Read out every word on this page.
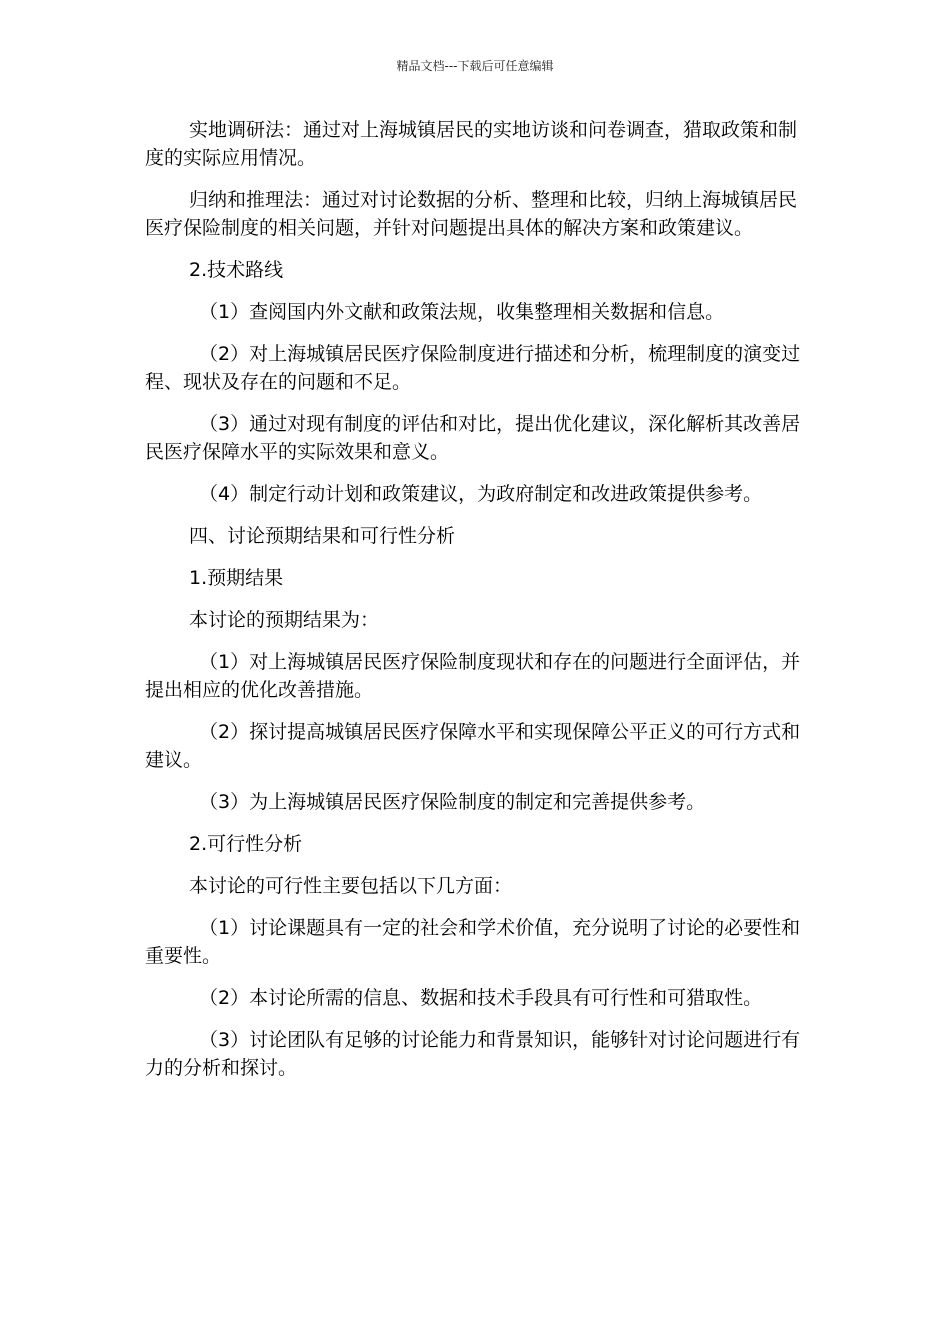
精品文档---下载后可任意编辑

实地调研法：通过对上海城镇居民的实地访谈和问卷调查，猎取政策和制度的实际应用情况。

归纳和推理法：通过对讨论数据的分析、整理和比较，归纳上海城镇居民医疗保险制度的相关问题，并针对问题提出具体的解决方案和政策建议。

2.技术路线

（1）查阅国内外文献和政策法规，收集整理相关数据和信息。

（2）对上海城镇居民医疗保险制度进行描述和分析，梳理制度的演变过程、现状及存在的问题和不足。

（3）通过对现有制度的评估和对比，提出优化建议，深化解析其改善居民医疗保障水平的实际效果和意义。

（4）制定行动计划和政策建议，为政府制定和改进政策提供参考。

四、讨论预期结果和可行性分析

1.预期结果

本讨论的预期结果为：

（1）对上海城镇居民医疗保险制度现状和存在的问题进行全面评估，并提出相应的优化改善措施。

（2）探讨提高城镇居民医疗保障水平和实现保障公平正义的可行方式和建议。

（3）为上海城镇居民医疗保险制度的制定和完善提供参考。

2.可行性分析

本讨论的可行性主要包括以下几方面：

（1）讨论课题具有一定的社会和学术价值，充分说明了讨论的必要性和重要性。

（2）本讨论所需的信息、数据和技术手段具有可行性和可猎取性。

（3）讨论团队有足够的讨论能力和背景知识，能够针对讨论问题进行有力的分析和探讨。
